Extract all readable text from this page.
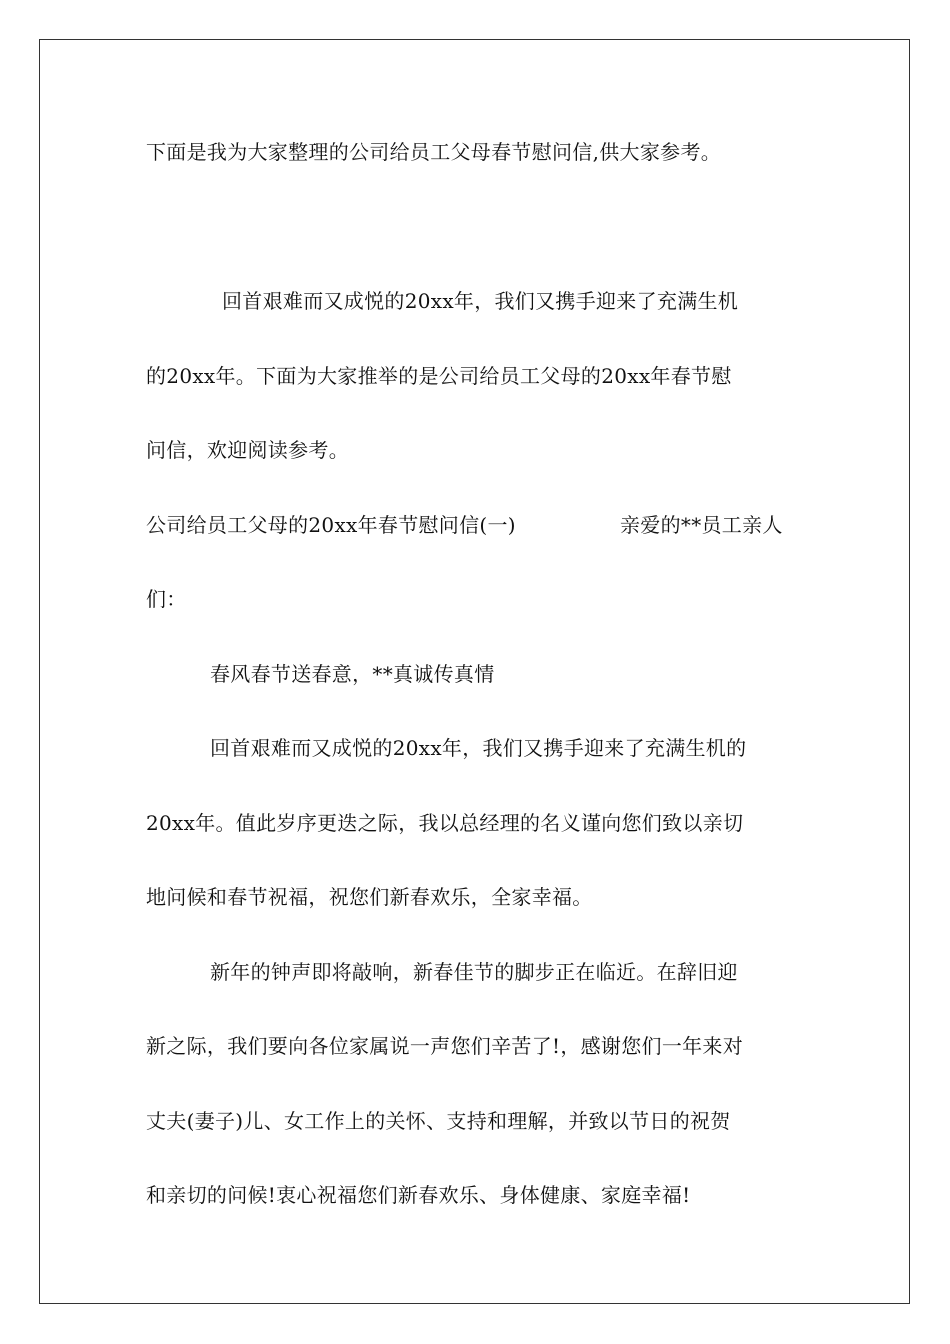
下面是我为大家整理的公司给员工父母春节慰问信,供大家参考。
回首艰难而又成悦的20xx年，我们又携手迎来了充满生机
的20xx年。下面为大家推举的是公司给员工父母的20xx年春节慰
问信，欢迎阅读参考。
公司给员工父母的20xx年春节慰问信(一)	亲爱的**员工亲人
们：
春风春节送春意，**真诚传真情
回首艰难而又成悦的20xx年，我们又携手迎来了充满生机的
20xx年。值此岁序更迭之际，我以总经理的名义谨向您们致以亲切
地问候和春节祝福，祝您们新春欢乐，全家幸福。
新年的钟声即将敲响，新春佳节的脚步正在临近。在辞旧迎
新之际，我们要向各位家属说一声您们辛苦了!，感谢您们一年来对
丈夫(妻子)儿、女工作上的关怀、支持和理解，并致以节日的祝贺
和亲切的问候!衷心祝福您们新春欢乐、身体健康、家庭幸福!
